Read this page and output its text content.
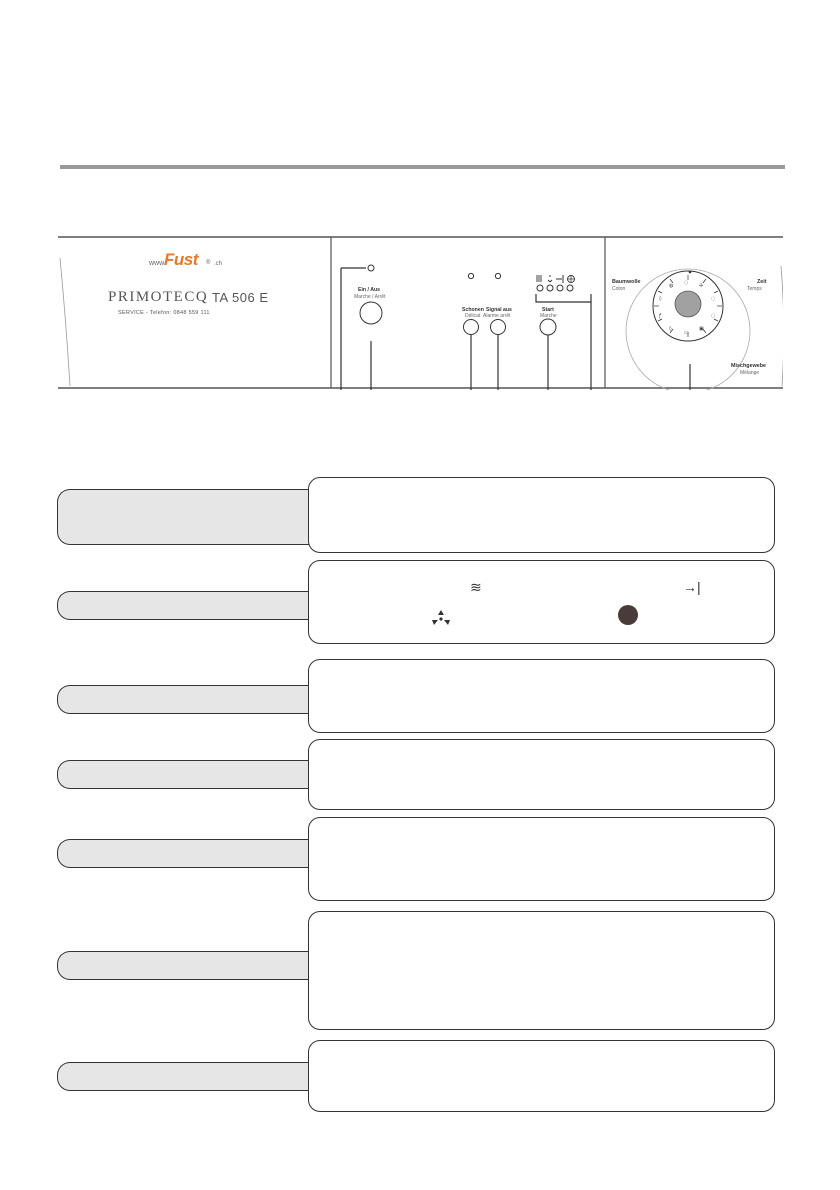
✢
◌
◌
▣
▭
◊
ꝭ
◊
◍ ◌
www.
Fust ® .ch
PRIMOTECQ TA 506 E
SERVICE - Telefon: 0848 559 111
Ein / Aus
Marche / Arrêt
Schonen
Délicat
Signal aus
Alarme arrêt
Start
Marche
Baumwolle
Coton
Zeit
Temps
Mischgewebe
Mélange
≋	→|
